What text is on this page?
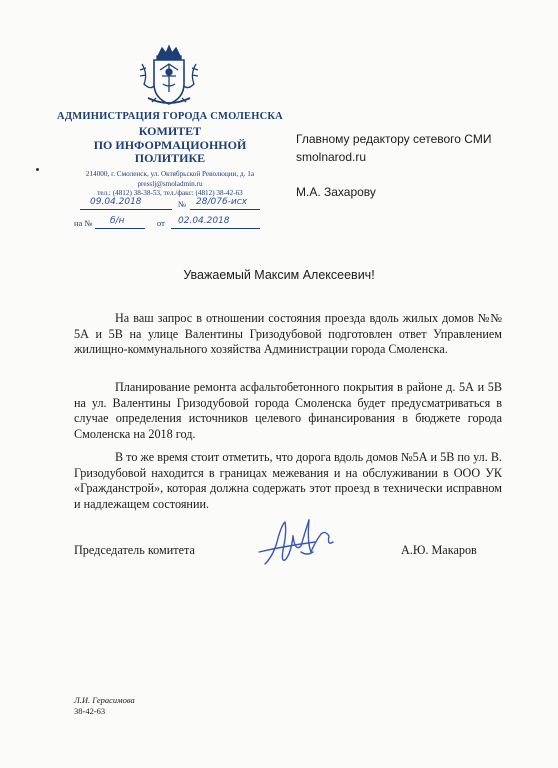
АДМИНИСТРАЦИЯ ГОРОДА СМОЛЕНСКА
КОМИТЕТ
ПО ИНФОРМАЦИОННОЙ
ПОЛИТИКЕ
214000, г. Смоленск, ул. Октябрьской Революции, д. 1а
presslj@smoladmin.ru
тел.: (4812) 38-38-53, тел./факс: (4812) 38-42-63
09.04.2018	№ 28/076-исх
на № б/н	от 02.04.2018
Главному редактору сетевого СМИ
smolnarod.ru
М.А. Захарову
Уважаемый Максим Алексеевич!

На ваш запрос в отношении состояния проезда вдоль жилых домов №№ 5А и 5В на улице Валентины Гризодубовой подготовлен ответ Управлением жилищно-коммунального хозяйства Администрации города Смоленска.

Планирование ремонта асфальтобетонного покрытия в районе д. 5А и 5В на ул. Валентины Гризодубовой города Смоленска будет предусматриваться в случае определения источников целевого финансирования в бюджете города Смоленска на 2018 год.

В то же время стоит отметить, что дорога вдоль домов №5А и 5В по ул. В. Гризодубовой находится в границах межевания и на обслуживании в ООО УК «Гражданстрой», которая должна содержать этот проезд в технически исправном и надлежащем состоянии.

Председатель комитета	А.Ю. Макаров
Л.И. Герасимова
38-42-63
